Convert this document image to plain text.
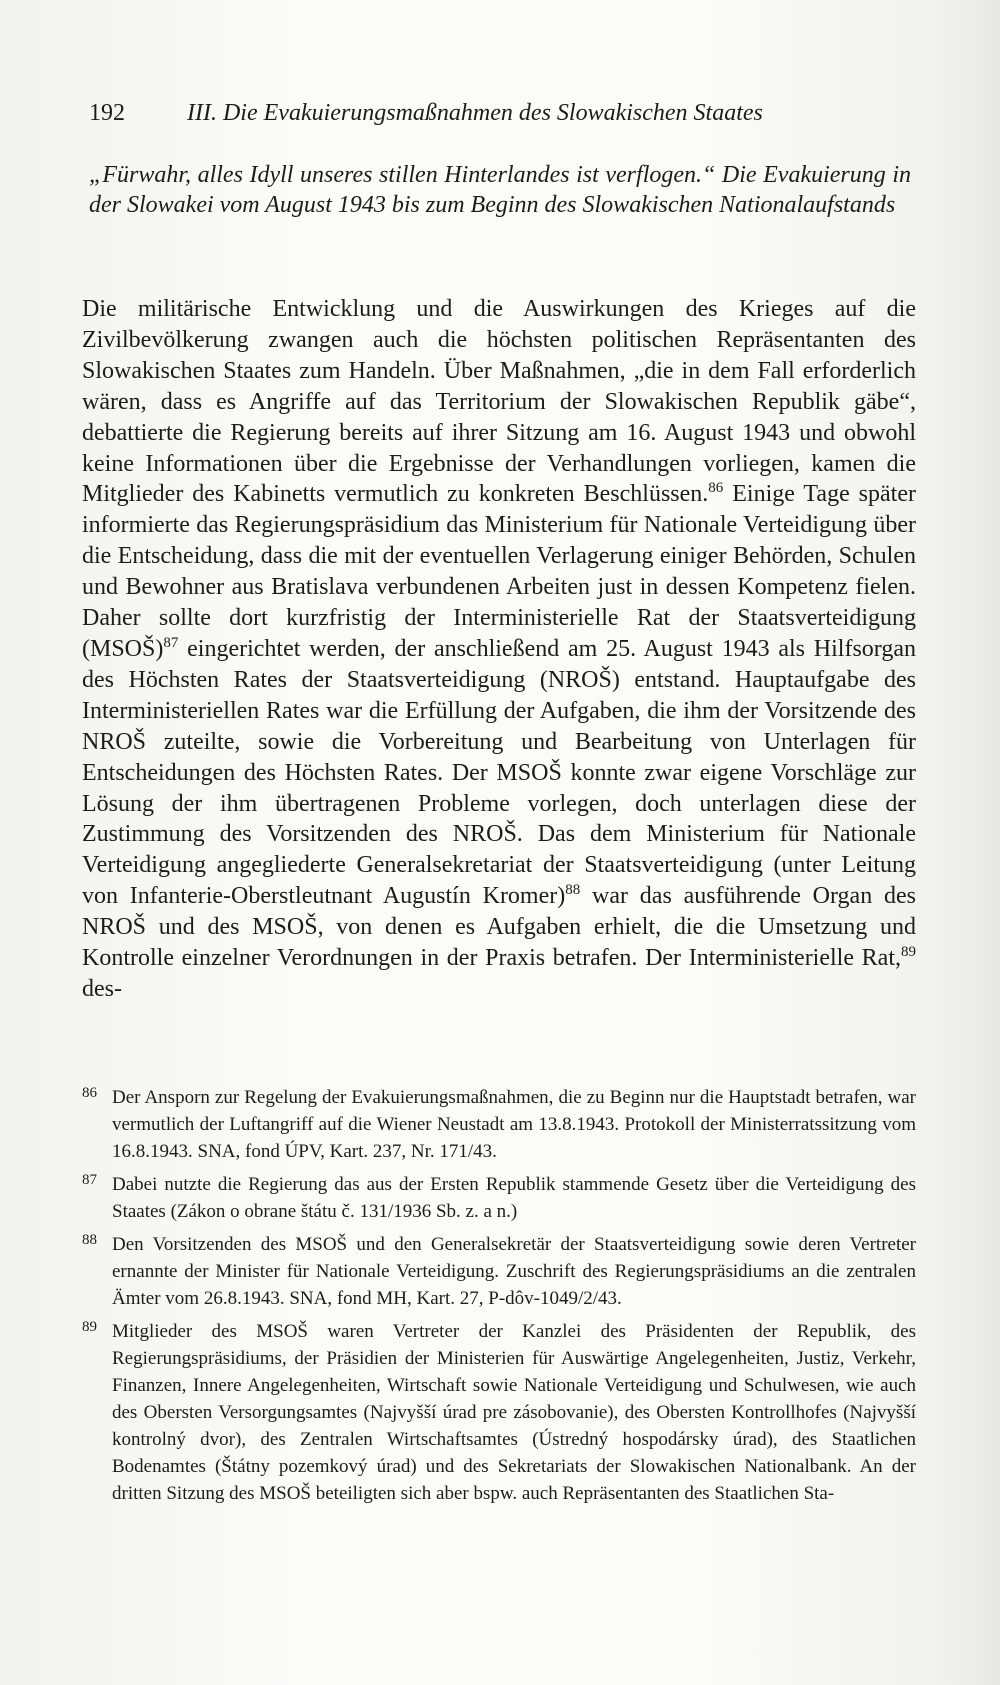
192	III. Die Evakuierungsmaßnahmen des Slowakischen Staates
„Fürwahr, alles Idyll unseres stillen Hinterlandes ist verflogen.“ Die Evakuierung in der Slowakei vom August 1943 bis zum Beginn des Slowakischen Nationalaufstands

Die militärische Entwicklung und die Auswirkungen des Krieges auf die Zivilbevölkerung zwangen auch die höchsten politischen Repräsentanten des Slowakischen Staates zum Handeln. Über Maßnahmen, „die in dem Fall erforderlich wären, dass es Angriffe auf das Territorium der Slowakischen Republik gäbe“, debattierte die Regierung bereits auf ihrer Sitzung am 16. August 1943 und obwohl keine Informationen über die Ergebnisse der Verhandlungen vorliegen, kamen die Mitglieder des Kabinetts vermutlich zu konkreten Beschlüssen.$^{86}$ Einige Tage später informierte das Regierungspräsidium das Ministerium für Nationale Verteidigung über die Entscheidung, dass die mit der eventuellen Verlagerung einiger Behörden, Schulen und Bewohner aus Bratislava verbundenen Arbeiten just in dessen Kompetenz fielen. Daher sollte dort kurzfristig der Interministerielle Rat der Staatsverteidigung (MSOŠ)$^{87}$ eingerichtet werden, der anschließend am 25. August 1943 als Hilfsorgan des Höchsten Rates der Staatsverteidigung (NROŠ) entstand. Hauptaufgabe des Interministeriellen Rates war die Erfüllung der Aufgaben, die ihm der Vorsitzende des NROŠ zuteilte, sowie die Vorbereitung und Bearbeitung von Unterlagen für Entscheidungen des Höchsten Rates. Der MSOŠ konnte zwar eigene Vorschläge zur Lösung der ihm übertragenen Probleme vorlegen, doch unterlagen diese der Zustimmung des Vorsitzenden des NROŠ. Das dem Ministerium für Nationale Verteidigung angegliederte Generalsekretariat der Staatsverteidigung (unter Leitung von Infanterie-Oberstleutnant Augustín Kromer)$^{88}$ war das ausführende Organ des NROŠ und des MSOŠ, von denen es Aufgaben erhielt, die die Umsetzung und Kontrolle einzelner Verordnungen in der Praxis betrafen. Der Interministerielle Rat,$^{89}$ des-

86 Der Ansporn zur Regelung der Evakuierungsmaßnahmen, die zu Beginn nur die Hauptstadt betrafen, war vermutlich der Luftangriff auf die Wiener Neustadt am 13.8.1943. Protokoll der Ministerratssitzung vom 16.8.1943. SNA, fond ÚPV, Kart. 237, Nr. 171/43.
87 Dabei nutzte die Regierung das aus der Ersten Republik stammende Gesetz über die Verteidigung des Staates (Zákon o obrane štátu č. 131/1936 Sb. z. a n.)
88 Den Vorsitzenden des MSOŠ und den Generalsekretär der Staatsverteidigung sowie deren Vertreter ernannte der Minister für Nationale Verteidigung. Zuschrift des Regierungspräsidiums an die zentralen Ämter vom 26.8.1943. SNA, fond MH, Kart. 27, P-dôv-1049/2/43.
89 Mitglieder des MSOŠ waren Vertreter der Kanzlei des Präsidenten der Republik, des Regierungspräsidiums, der Präsidien der Ministerien für Auswärtige Angelegenheiten, Justiz, Verkehr, Finanzen, Innere Angelegenheiten, Wirtschaft sowie Nationale Verteidigung und Schulwesen, wie auch des Obersten Versorgungsamtes (Najvyšší úrad pre zásobovanie), des Obersten Kontrollhofes (Najvyšší kontrolný dvor), des Zentralen Wirtschaftsamtes (Ústredný hospodársky úrad), des Staatlichen Bodenamtes (Štátny pozemkový úrad) und des Sekretariats der Slowakischen Nationalbank. An der dritten Sitzung des MSOŠ beteiligten sich aber bspw. auch Repräsentanten des Staatlichen Sta-
